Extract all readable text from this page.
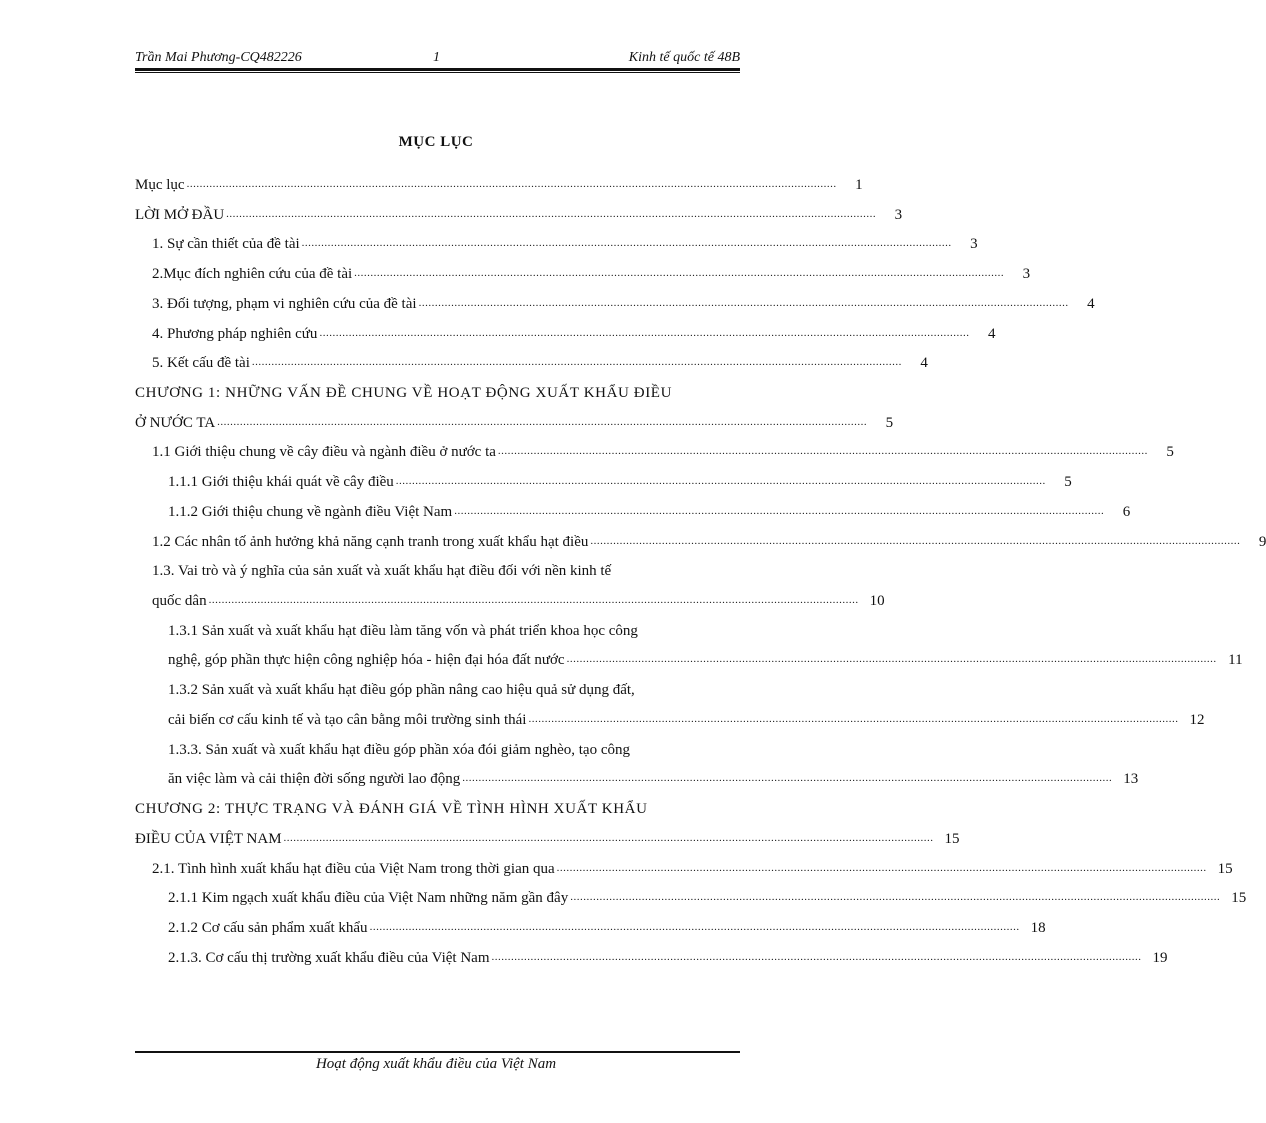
Trần Mai Phương-CQ482226	1	Kinh tế quốc tế 48B
MỤC LỤC
Mục lục ........................................................................................................................................................................................................	1
LỜI MỞ ĐẦU ........................................................................................................................................................................................................	3
1. Sự cần thiết của đề tài ........................................................................................................................................................................................................	3
2.Mục đích nghiên cứu của đề tài ........................................................................................................................................................................................................	3
3. Đối tượng, phạm vi nghiên cứu của đề tài ........................................................................................................................................................................................................	4
4. Phương pháp nghiên cứu ........................................................................................................................................................................................................	4
5. Kết cấu đề tài ........................................................................................................................................................................................................	4
CHƯƠNG 1: NHỮNG VẤN ĐỀ CHUNG VỀ HOẠT ĐỘNG XUẤT KHẨU ĐIỀU
Ở NƯỚC TA ........................................................................................................................................................................................................	5
1.1 Giới thiệu chung về cây điều và ngành điều ở nước ta ........................................................................................................................................................................................................	5
1.1.1 Giới thiệu khái quát về cây điều ........................................................................................................................................................................................................	5
1.1.2 Giới thiệu chung về ngành điều Việt Nam ........................................................................................................................................................................................................	6
1.2 Các nhân tố ảnh hưởng khả năng cạnh tranh trong xuất khẩu hạt điều ........................................................................................................................................................................................................	9
1.3. Vai trò và ý nghĩa của sản xuất và xuất khẩu hạt điều đối với nền kinh tế
quốc dân ........................................................................................................................................................................................................ 10
1.3.1 Sản xuất và xuất khẩu hạt điều làm tăng vốn và phát triển khoa học công
nghệ, góp phần thực hiện công nghiệp hóa - hiện đại hóa đất nước ........................................................................................................................................................................................................ 11
1.3.2 Sản xuất và xuất khẩu hạt điều góp phần nâng cao hiệu quả sử dụng đất,
cải biến cơ cấu kinh tế và tạo cân bằng môi trường sinh thái ........................................................................................................................................................................................................ 12
1.3.3. Sản xuất và xuất khẩu hạt điều góp phần xóa đói giảm nghèo, tạo công
ăn việc làm và cải thiện đời sống người lao động ........................................................................................................................................................................................................ 13
CHƯƠNG 2: THỰC TRẠNG VÀ ĐÁNH GIÁ VỀ TÌNH HÌNH XUẤT KHẨU
ĐIỀU CỦA VIỆT NAM ........................................................................................................................................................................................................ 15
2.1. Tình hình xuất khẩu hạt điều của Việt Nam trong thời gian qua ........................................................................................................................................................................................................ 15
2.1.1 Kim ngạch xuất khẩu điều của Việt Nam những năm gần đây ........................................................................................................................................................................................................ 15
2.1.2 Cơ cấu sản phẩm xuất khẩu ........................................................................................................................................................................................................ 18
2.1.3. Cơ cấu thị trường xuất khẩu điều của Việt Nam ........................................................................................................................................................................................................ 19
Hoạt động xuất khẩu điều của Việt Nam
